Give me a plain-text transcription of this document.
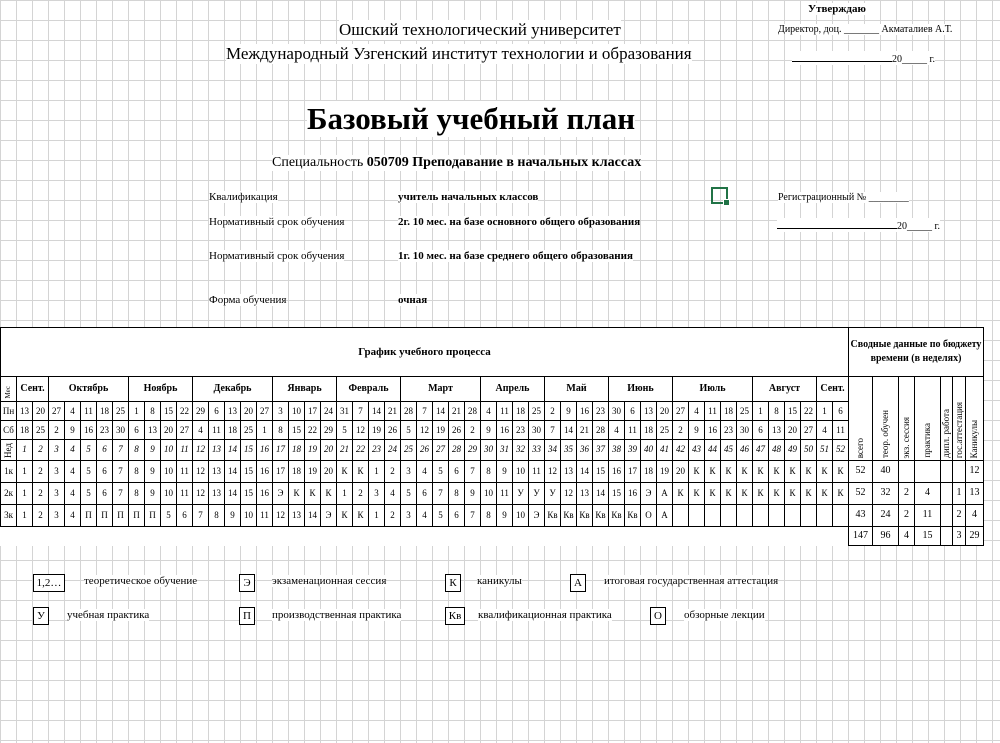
Ошский технологический университет
Международный Узгенский институт технологии и образования
Утверждаю
Директор, доц. _______ Акматалиев А.Т.
20_____ г.
Базовый учебный план
Специальность 050709 Преподавание в начальных классах
Квалификация	учитель начальных классов
Нормативный срок обучения	2г. 10 мес. на базе основного общего образования
Нормативный срок обучения	1г. 10 мес. на базе среднего общего образования
Форма обучения	очная
Регистрационный № ________
20_____ г.
График учебного процесса																																																					Сводные данные по бюджету времени (в неделях)						
Мес	Сент.		Октябрь					Ноябрь				Декабрь					Январь				Февраль				Март					Апрель				Май				Июнь				Июль					Август				Сент.		всего	теор. обучен	экз. сессия	практика	дипл. работа	гос.аттестация	Каникулы
Пн	13	20	27	4	11	18	25	1	8	15	22	29	6	13	20	27	3	10	17	24	31	7	14	21	28	7	14	21	28	4	11	18	25	2	9	16	23	30	6	13	20	27	4	11	18	25	1	8	15	22	1	6							
Сб	18	25	2	9	16	23	30	6	13	20	27	4	11	18	25	1	8	15	22	29	5	12	19	26	5	12	19	26	2	9	16	23	30	7	14	21	28	4	11	18	25	2	9	16	23	30	6	13	20	27	4	11							
Нед	1	2	3	4	5	6	7	8	9	10	11	12	13	14	15	16	17	18	19	20	21	22	23	24	25	26	27	28	29	30	31	32	33	34	35	36	37	38	39	40	41	42	43	44	45	46	47	48	49	50	51	52							
1к	1	2	3	4	5	6	7	8	9	10	11	12	13	14	15	16	17	18	19	20	К	К	1	2	3	4	5	6	7	8	9	10	11	12	13	14	15	16	17	18	19	20	К	К	К	К	К	К	К	К	К	К	52	40					12
2к	1	2	3	4	5	6	7	8	9	10	11	12	13	14	15	16	Э	К	К	К	1	2	3	4	5	6	7	8	9	10	11	У	У	У	12	13	14	15	16	Э	А	К	К	К	К	К	К	К	К	К	К	К	52	32	2	4		1	13
3к	1	2	3	4	П	П	П	П	П	5	6	7	8	9	10	11	12	13	14	Э	К	К	1	2	3	4	5	6	7	8	9	10	Э	Кв	Кв	Кв	Кв	Кв	Кв	О	А												43	24	2	11		2	4
																																																					147	96	4	15		3	29
1,2…	теоретическое обучение	Э	экзаменационная сессия	К	каникулы	А	итоговая государственная аттестация
У	учебная практика	П	производственная практика	Кв	квалификационная практика	О	обзорные лекции
